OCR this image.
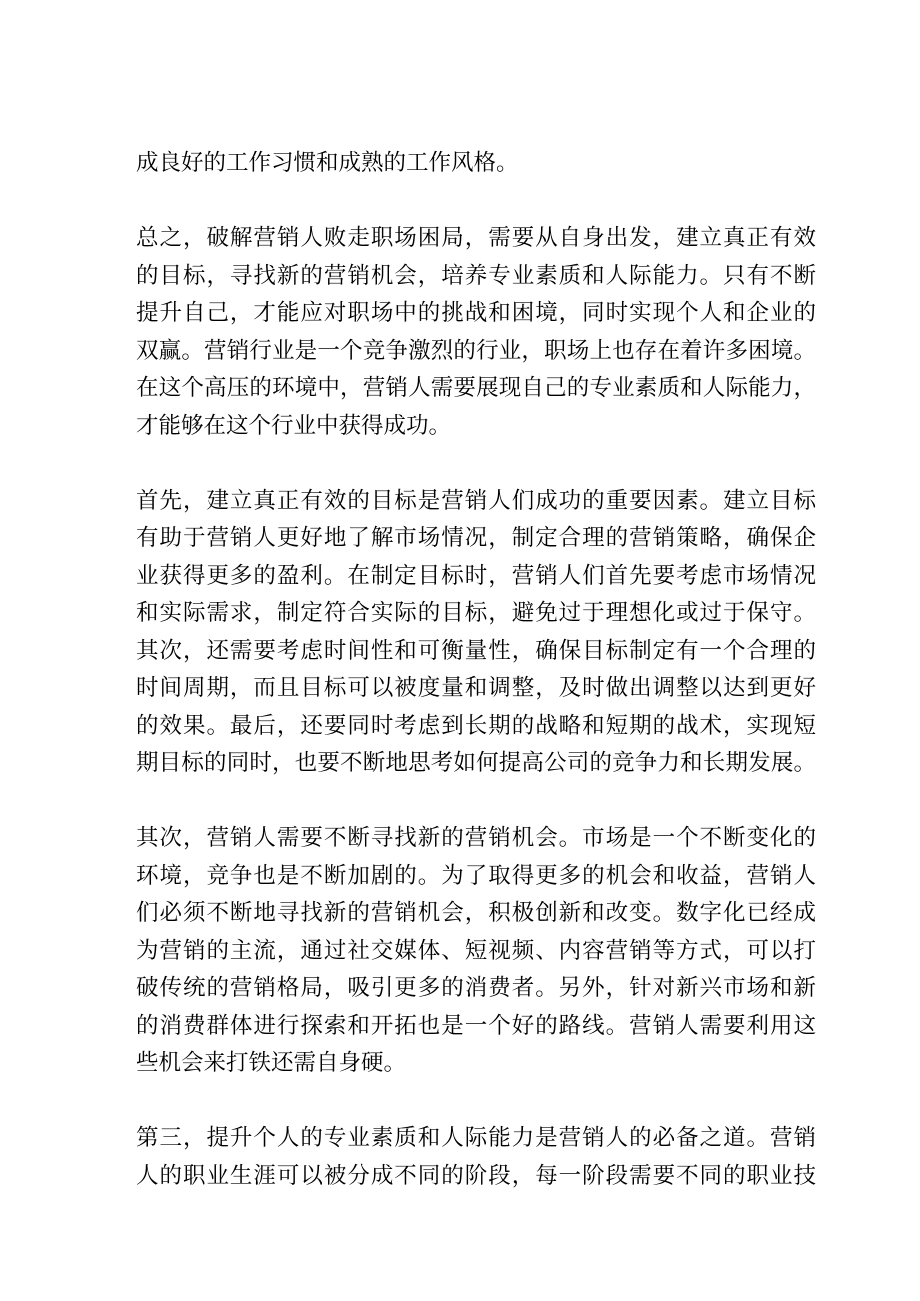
成良好的工作习惯和成熟的工作风格。
总之，破解营销人败走职场困局，需要从自身出发，建立真正有效
的目标，寻找新的营销机会，培养专业素质和人际能力。只有不断
提升自己，才能应对职场中的挑战和困境，同时实现个人和企业的
双赢。营销行业是一个竞争激烈的行业，职场上也存在着许多困境。
在这个高压的环境中，营销人需要展现自己的专业素质和人际能力，
才能够在这个行业中获得成功。
首先，建立真正有效的目标是营销人们成功的重要因素。建立目标
有助于营销人更好地了解市场情况，制定合理的营销策略，确保企
业获得更多的盈利。在制定目标时，营销人们首先要考虑市场情况
和实际需求，制定符合实际的目标，避免过于理想化或过于保守。
其次，还需要考虑时间性和可衡量性，确保目标制定有一个合理的
时间周期，而且目标可以被度量和调整，及时做出调整以达到更好
的效果。最后，还要同时考虑到长期的战略和短期的战术，实现短
期目标的同时，也要不断地思考如何提高公司的竞争力和长期发展。
其次，营销人需要不断寻找新的营销机会。市场是一个不断变化的
环境，竞争也是不断加剧的。为了取得更多的机会和收益，营销人
们必须不断地寻找新的营销机会，积极创新和改变。数字化已经成
为营销的主流，通过社交媒体、短视频、内容营销等方式，可以打
破传统的营销格局，吸引更多的消费者。另外，针对新兴市场和新
的消费群体进行探索和开拓也是一个好的路线。营销人需要利用这
些机会来打铁还需自身硬。
第三，提升个人的专业素质和人际能力是营销人的必备之道。营销
人的职业生涯可以被分成不同的阶段，每一阶段需要不同的职业技
